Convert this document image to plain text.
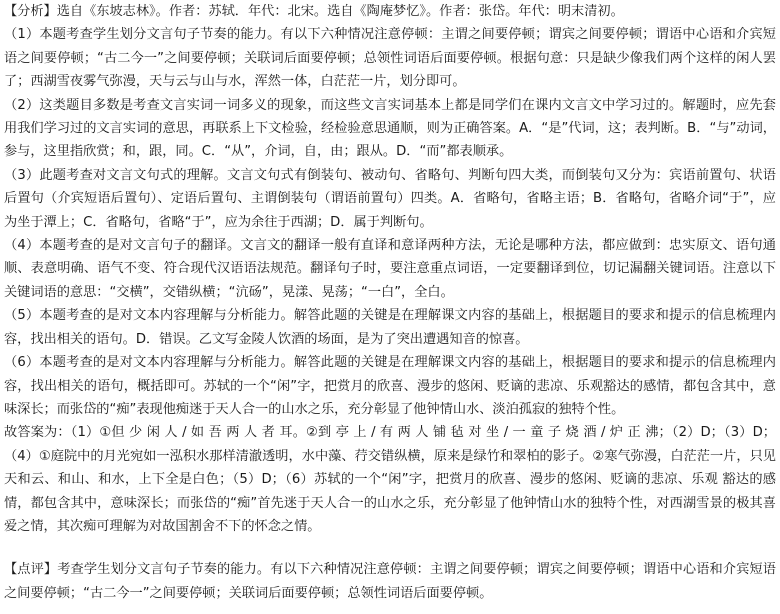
【分析】选自《东坡志林》。作者：苏轼．年代：北宋。选自《陶庵梦忆》。作者：张岱。年代：明末清初。

（1）本题考查学生划分文言句子节奏的能力。有以下六种情况注意停顿：主谓之间要停顿；谓宾之间要停顿；谓语中心语和介宾短语之间要停顿；“古二今一”之间要停顿；关联词后面要停顿；总领性词语后面要停顿。根据句意：只是缺少像我们两个这样的闲人罢了；西湖雪夜雾气弥漫，天与云与山与水，浑然一体，白茫茫一片，划分即可。

（2）这类题目多数是考查文言实词一词多义的现象，而这些文言实词基本上都是同学们在课内文言文中学习过的。解题时，应先套用我们学习过的文言实词的意思，再联系上下文检验，经检验意思通顺，则为正确答案。A．“是”代词，这；表判断。B．“与”动词，参与，这里指欣赏；和，跟，同。C．“从”，介词，自，由；跟从。D．“而”都表顺承。

（3）此题考查对文言文句式的理解。文言文句式有倒装句、被动句、省略句、判断句四大类，而倒装句又分为：宾语前置句、状语后置句（介宾短语后置句）、定语后置句、主谓倒装句（谓语前置句）四类。A．省略句，省略主语；B．省略句，省略介词“于”，应为坐于潭上；C．省略句，省略“于”，应为余往于西湖；D．属于判断句。

（4）本题考查的是对文言句子的翻译。文言文的翻译一般有直译和意译两种方法，无论是哪种方法，都应做到：忠实原文、语句通顺、表意明确、语气不变、符合现代汉语语法规范。翻译句子时，要注意重点词语，一定要翻译到位，切记漏翻关键词语。注意以下关键词语的意思：“交横”，交错纵横；“沆砀”，晃漾、晃荡；“一白”，全白。

（5）本题考查的是对文本内容理解与分析能力。解答此题的关键是在理解课文内容的基础上，根据题目的要求和提示的信息梳理内容，找出相关的语句。D．错误。乙文写金陵人饮酒的场面，是为了突出遭遇知音的惊喜。

（6）本题考查的是对文本内容理解与分析能力。解答此题的关键是在理解课文内容的基础上，根据题目的要求和提示的信息梳理内容，找出相关的语句，概括即可。苏轼的一个“闲”字，把赏月的欣喜、漫步的悠闲、贬谪的悲凉、乐观豁达的感情，都包含其中，意味深长；而张岱的“痴”表现他痴迷于天人合一的山水之乐，充分彰显了他钟情山水、淡泊孤寂的独特个性。

故答案为：（1）①但 少 闲 人 / 如 吾 两 人 者 耳。②到 亭 上 / 有 两 人 铺 毡 对 坐 / 一 童 子 烧 酒 / 炉 正 沸；（2）D；（3）D；（4）①庭院中的月光宛如一泓积水那样清澈透明，水中藻、荇交错纵横，原来是绿竹和翠柏的影子。②寒气弥漫，白茫茫一片，只见天和云、和山、和水，上下全是白色；（5）D；（6）苏轼的一个“闲”字，把赏月的欣喜、漫步的悠闲、贬谪的悲凉、乐观 豁达的感情，都包含其中，意味深长；而张岱的“痴”首先迷于天人合一的山水之乐，充分彰显了他钟情山水的独特个性，对西湖雪景的极其喜爱之情，其次痴可理解为对故国割舍不下的怀念之情。

【点评】考查学生划分文言句子节奏的能力。有以下六种情况注意停顿：主谓之间要停顿；谓宾之间要停顿；谓语中心语和介宾短语之间要停顿；“古二今一”之间要停顿；关联词后面要停顿；总领性词语后面要停顿。
